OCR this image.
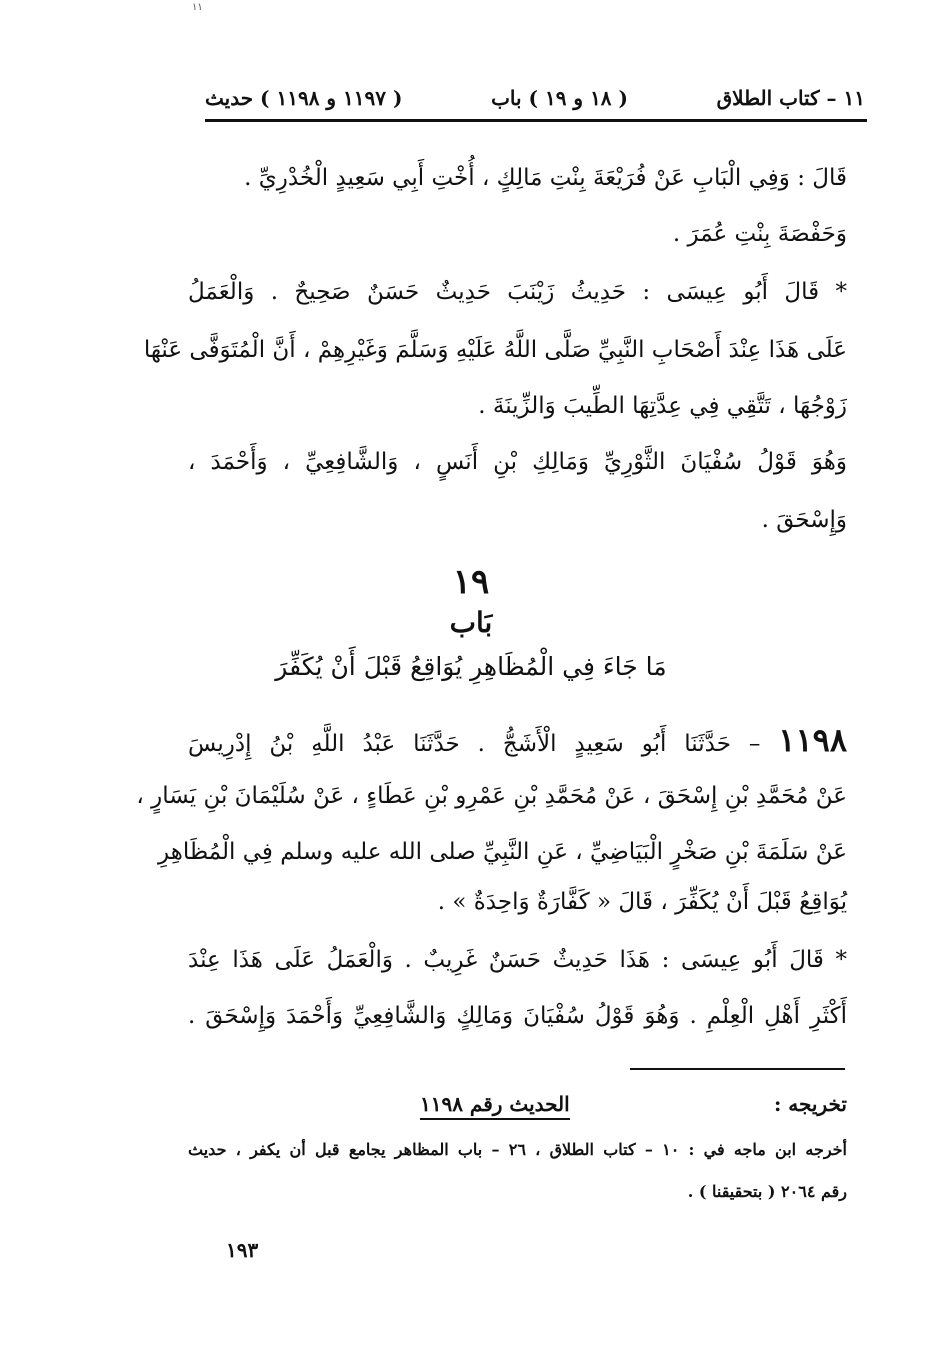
١١
١١ – كتاب الطلاق
( ١٨ و ١٩ ) باب
( ١١٩٧ و ١١٩٨ ) حديث
قَالَ : وَفِي الْبَابِ عَنْ فُرَيْعَةَ بِنْتِ مَالِكٍ ، أُخْتِ أَبِي سَعِيدٍ الْخُدْرِيِّ .
وَحَفْصَةَ بِنْتِ عُمَرَ .
* قَالَ أَبُو عِيسَى : حَدِيثُ زَيْنَبَ حَدِيثٌ حَسَنٌ صَحِيحٌ . وَالْعَمَلُ
عَلَى هَذَا عِنْدَ أَصْحَابِ النَّبِيِّ صَلَّى اللَّهُ عَلَيْهِ وَسَلَّمَ وَغَيْرِهِمْ ، أَنَّ الْمُتَوَفَّى عَنْهَا
زَوْجُهَا ، تَتَّقِي فِي عِدَّتِهَا الطِّيبَ وَالزِّينَةَ .
وَهُوَ قَوْلُ سُفْيَانَ الثَّوْرِيِّ وَمَالِكِ بْنِ أَنَسٍ ، وَالشَّافِعِيِّ ، وَأَحْمَدَ ،
وَإِسْحَقَ .
١٩
بَاب
مَا جَاءَ فِي الْمُظَاهِرِ يُوَاقِعُ قَبْلَ أَنْ يُكَفِّرَ
١١٩٨ – حَدَّثَنَا أَبُو سَعِيدٍ الْأَشَجُّ . حَدَّثَنَا عَبْدُ اللَّهِ بْنُ إِدْرِيسَ
عَنْ مُحَمَّدِ بْنِ إِسْحَقَ ، عَنْ مُحَمَّدِ بْنِ عَمْرِو بْنِ عَطَاءٍ ، عَنْ سُلَيْمَانَ بْنِ يَسَارٍ ،
عَنْ سَلَمَةَ بْنِ صَخْرٍ الْبَيَاضِيِّ ، عَنِ النَّبِيِّ صلى الله عليه وسلم فِي الْمُظَاهِرِ
يُوَاقِعُ قَبْلَ أَنْ يُكَفِّرَ ، قَالَ « كَفَّارَةٌ وَاحِدَةٌ » .
* قَالَ أَبُو عِيسَى : هَذَا حَدِيثٌ حَسَنٌ غَرِيبٌ . وَالْعَمَلُ عَلَى هَذَا عِنْدَ
أَكْثَرِ أَهْلِ الْعِلْمِ . وَهُوَ قَوْلُ سُفْيَانَ وَمَالِكٍ وَالشَّافِعِيِّ وَأَحْمَدَ وَإِسْحَقَ .
تخريجه :
الحديث رقم ١١٩٨
أخرجه ابن ماجه في : ١٠ – كتاب الطلاق ، ٢٦ – باب المظاهر يجامع قبل أن يكفر ، حديث
رقم ٢٠٦٤ ( بتحقيقنا ) .
١٩٣
